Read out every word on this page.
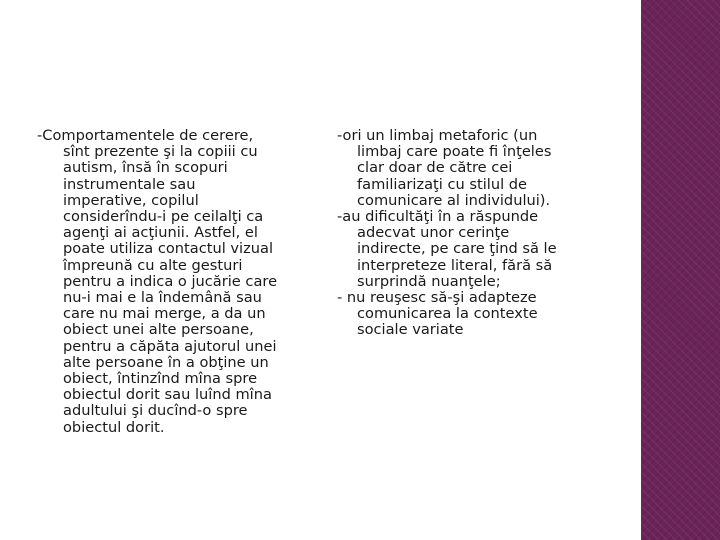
-Comportamentele de cerere,
sînt prezente şi la copiii cu
autism, însă în scopuri
instrumentale sau
imperative, copilul
considerîndu-i pe ceilalţi ca
agenţi ai acţiunii. Astfel, el
poate utiliza contactul vizual
împreună cu alte gesturi
pentru a indica o jucărie care
nu-i mai e la îndemână sau
care nu mai merge, a da un
obiect unei alte persoane,
pentru a căpăta ajutorul unei
alte persoane în a obţine un
obiect, întinzînd mîna spre
obiectul dorit sau luînd mîna
adultului şi ducînd-o spre
obiectul dorit.

-ori un limbaj metaforic (un
limbaj care poate fi înţeles
clar doar de către cei
familiarizaţi cu stilul de
comunicare al individului).

-au dificultăţi în a răspunde
adecvat unor cerinţe
indirecte, pe care ţind să le
interpreteze literal, fără să
surprindă nuanţele;

- nu reuşesc să-şi adapteze
comunicarea la contexte
sociale variate
